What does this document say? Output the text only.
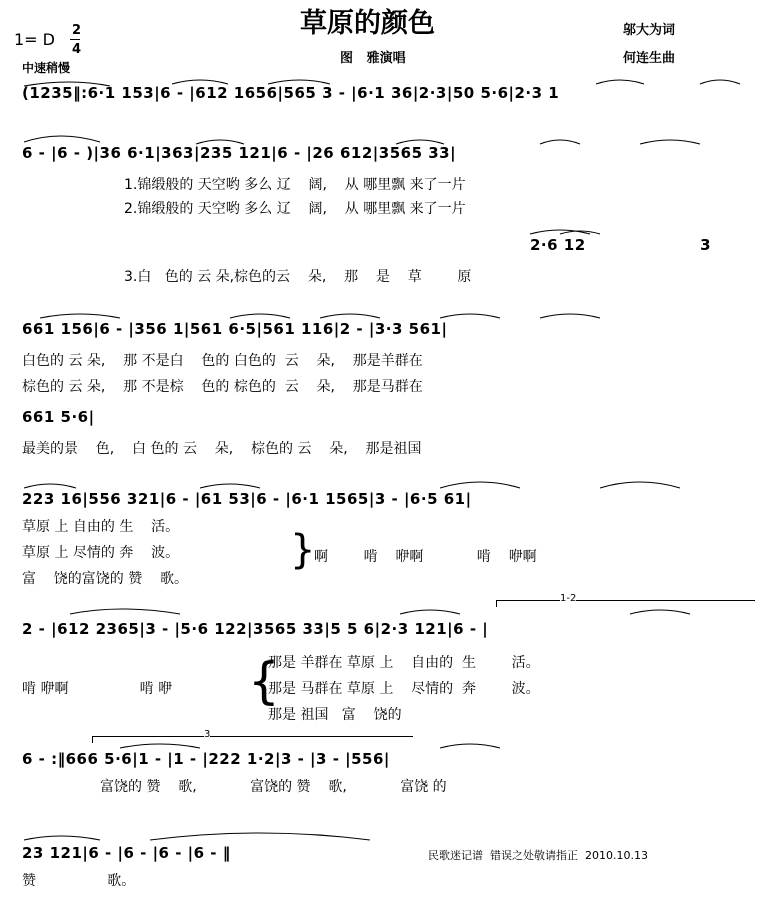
1= D 2
4
中速稍慢
草原的颜色
图   雅演唱
邬大为词
何连生曲
(1235‖:6·1 153|6 - |612 1656|565 3 - |6·1 36|2·3|50 5·6|2·3 1
6 - |6 - )|36 6·1|363|235 121|6 - |26 612|3565 33|
1.锦缎般的 天空哟 多么 辽    阔,    从 哪里飘 来了一片
2.锦缎般的 天空哟 多么 辽    阔,    从 哪里飘 来了一片
2·6 12                    3
3.白   色的 云 朵,棕色的云    朵,    那    是    草        原
661 156|6 - |356 1|561 6·5|561 116|2 - |3·3 561|
白色的 云 朵,    那 不是白    色的 白色的  云    朵,    那是羊群在
棕色的 云 朵,    那 不是棕    色的 棕色的  云    朵,    那是马群在
661 5·6|
最美的景    色,    白 色的 云    朵,    棕色的 云    朵,    那是祖国
223 16|556 321|6 - |61 53|6 - |6·1 1565|3 - |6·5 61|
草原 上 自由的 生    活。
草原 上 尽情的 奔    波。
富    饶的富饶的 赞    歌。
}
啊        啃    咿啊            啃    咿啊
1-2
2 - |612 2365|3 - |5·6 122|3565 33|5 5 6|2·3 121|6 - |
啃 咿啊                啃 咿 {
那是 羊群在 草原 上    自由的  生        活。
那是 马群在 草原 上    尽情的  奔        波。
那是 祖国   富    饶的
3
6 - :‖666 5·6|1 - |1 - |222 1·2|3 - |3 - |556|
富饶的 赞    歌,            富饶的 赞    歌,            富饶 的
23 121|6 - |6 - |6 - |6 - ‖
赞                歌。
民歌迷记谱  错误之处敬请指正  2010.10.13
